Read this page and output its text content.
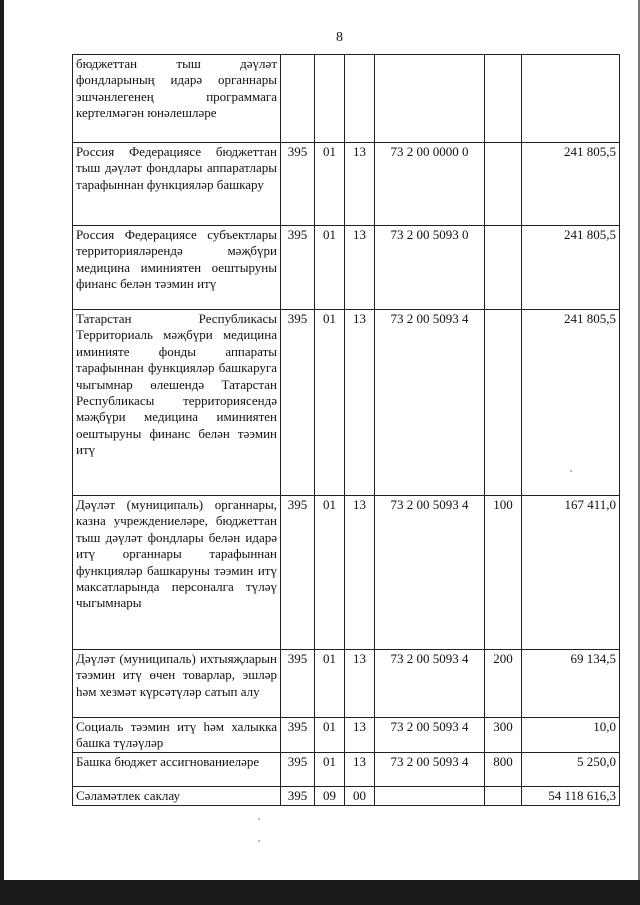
8
бюджеттан тыш дәүләт фондларының идарә органнары эшчәнлегенең программага кертелмәгән юнәлешләре						
Россия Федерациясе бюджеттан тыш дәүләт фондлары аппаратлары тарафыннан функцияләр башкару	395	01	13	73 2 00 0000 0		241 805,5
Россия Федерациясе субъектлары территорияләрендә мәҗбүри медицина иминиятен оештыруны финанс белән тәэмин итү	395	01	13	73 2 00 5093 0		241 805,5
Татарстан Республикасы Территориаль мәҗбүри медицина иминияте фонды аппараты тарафыннан функцияләр башкаруга чыгымнар өлешендә Татарстан Республикасы территориясендә мәҗбүри медицина иминиятен оештыруны финанс белән тәэмин итү	395	01	13	73 2 00 5093 4		241 805,5
Дәүләт (муниципаль) органнары, казна учреждениеләре, бюджеттан тыш дәүләт фондлары белән идарә итү органнары тарафыннан функцияләр башкаруны тәэмин итү максатларында персоналга түләү чыгымнары	395	01	13	73 2 00 5093 4	100	167 411,0
Дәүләт (муниципаль) ихтыяҗларын тәэмин итү өчен товарлар, эшләр һәм хезмәт күрсәтүләр сатып алу	395	01	13	73 2 00 5093 4	200	69 134,5
Социаль тәэмин итү һәм халыкка башка түләүләр	395	01	13	73 2 00 5093 4	300	10,0
Башка бюджет ассигнованиеләре	395	01	13	73 2 00 5093 4	800	5 250,0
Сәламәтлек саклау	395	09	00			54 118 616,3
